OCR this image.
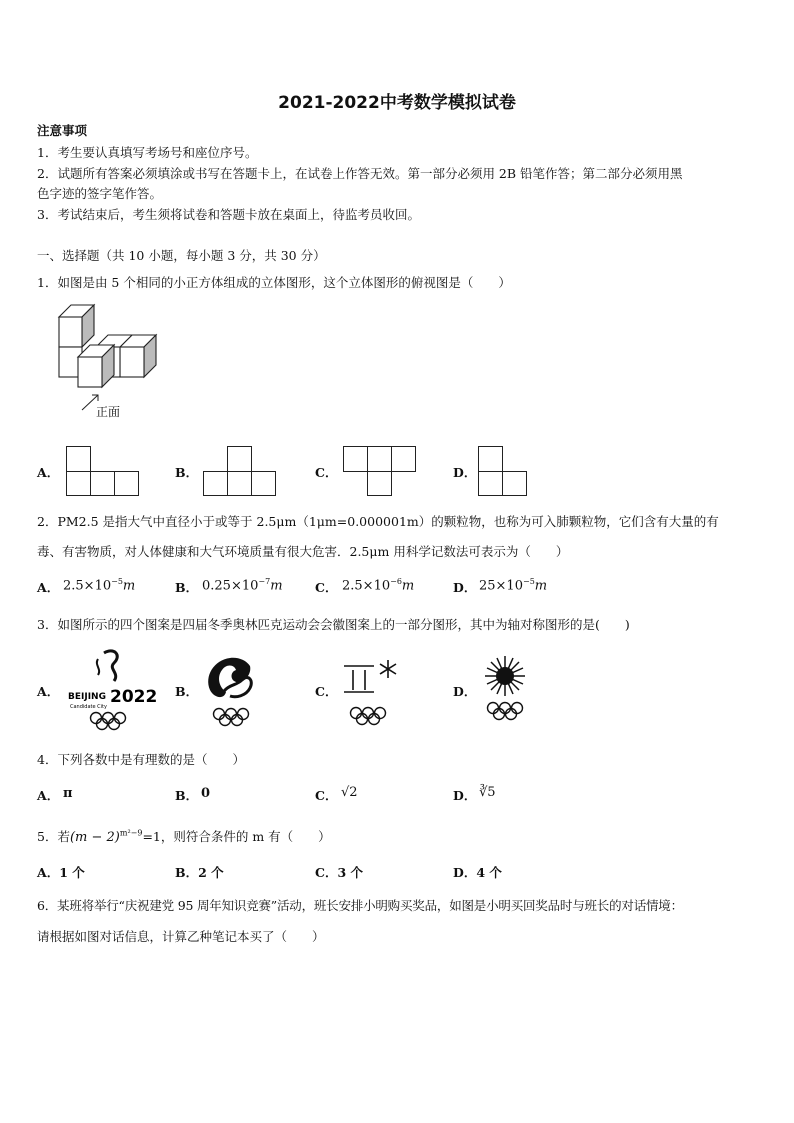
2021-2022中考数学模拟试卷
注意事项
1．考生要认真填写考场号和座位序号。
2．试题所有答案必须填涂或书写在答题卡上，在试卷上作答无效。第一部分必须用 2B 铅笔作答；第二部分必须用黑
色字迹的签字笔作答。
3．考试结束后，考生须将试卷和答题卡放在桌面上，待监考员收回。
一、选择题（共 10 小题，每小题 3 分，共 30 分）
1．如图是由 5 个相同的小正方体组成的立体图形，这个立体图形的俯视图是（　　）
正面
A．	B．	C．	D．
2．PM2.5 是指大气中直径小于或等于 2.5μm（1μm=0.000001m）的颗粒物，也称为可入肺颗粒物，它们含有大量的有
毒、有害物质，对人体健康和大气环境质量有很大危害．2.5μm 用科学记数法可表示为（　　）
A． $2.5\times 10^{-5}m$	B． $0.25\times 10^{-7}m$	C． $2.5\times 10^{-6}m$	D． $25\times 10^{-5}m$
3．如图所示的四个图案是四届冬季奥林匹克运动会会徽图案上的一部分图形，其中为轴对称图形的是(　　)
A． BEIJING 2022
Candidate City
B．	C．	D．
4．下列各数中是有理数的是（　　）
A． π	B． 0	C． √2	D． ∛5
5．若$(m - 2)^{m^2-9}=1$，则符合条件的 m 有（　　）
A．1 个	B．2 个	C．3 个	D．4 个
6．某班将举行“庆祝建党 95 周年知识竞赛”活动，班长安排小明购买奖品，如图是小明买回奖品时与班长的对话情境：
请根据如图对话信息，计算乙种笔记本买了（　　）
